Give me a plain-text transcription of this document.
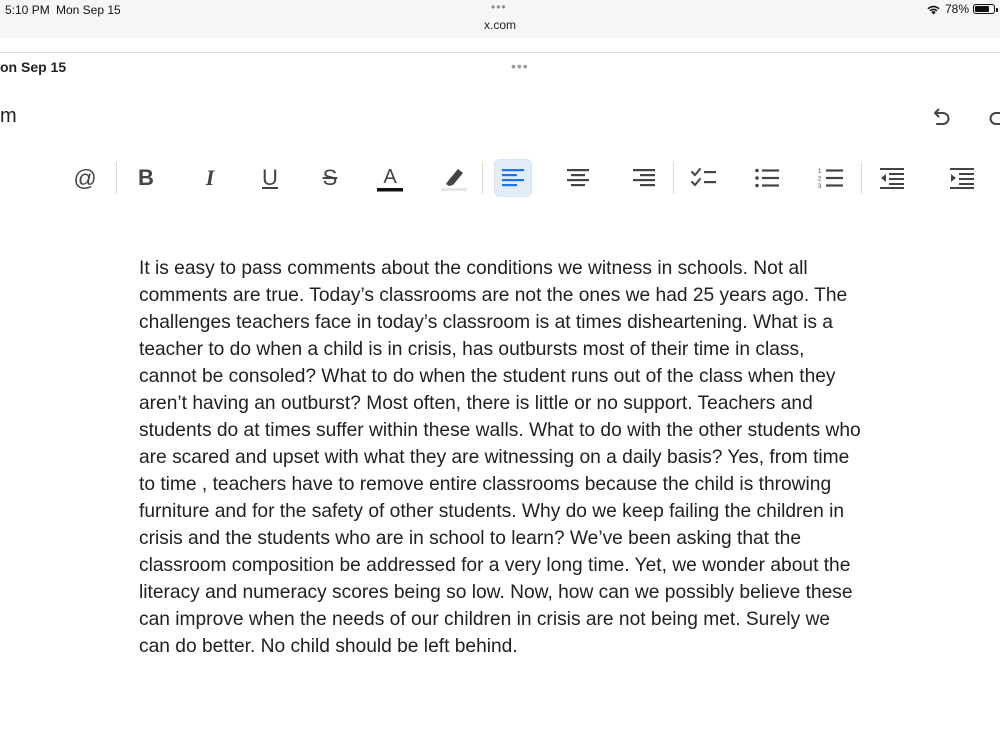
5:10 PM Mon Sep 15	•••
x.com
78%
on Sep 15	•••
m
@ B I U S A	1
2
3
It is easy to pass comments about the conditions we witness in schools. Not all
comments are true. Today’s classrooms are not the ones we had 25 years ago. The
challenges teachers face in today’s classroom is at times disheartening. What is a
teacher to do when a child is in crisis, has outbursts most of their time in class,
cannot be consoled? What to do when the student runs out of the class when they
aren’t having an outburst? Most often, there is little or no support. Teachers and
students do at times suffer within these walls. What to do with the other students who
are scared and upset with what they are witnessing on a daily basis? Yes, from time
to time , teachers have to remove entire classrooms because the child is throwing
furniture and for the safety of other students. Why do we keep failing the children in
crisis and the students who are in school to learn? We’ve been asking that the
classroom composition be addressed for a very long time. Yet, we wonder about the
literacy and numeracy scores being so low. Now, how can we possibly believe these
can improve when the needs of our children in crisis are not being met. Surely we
can do better. No child should be left behind.
